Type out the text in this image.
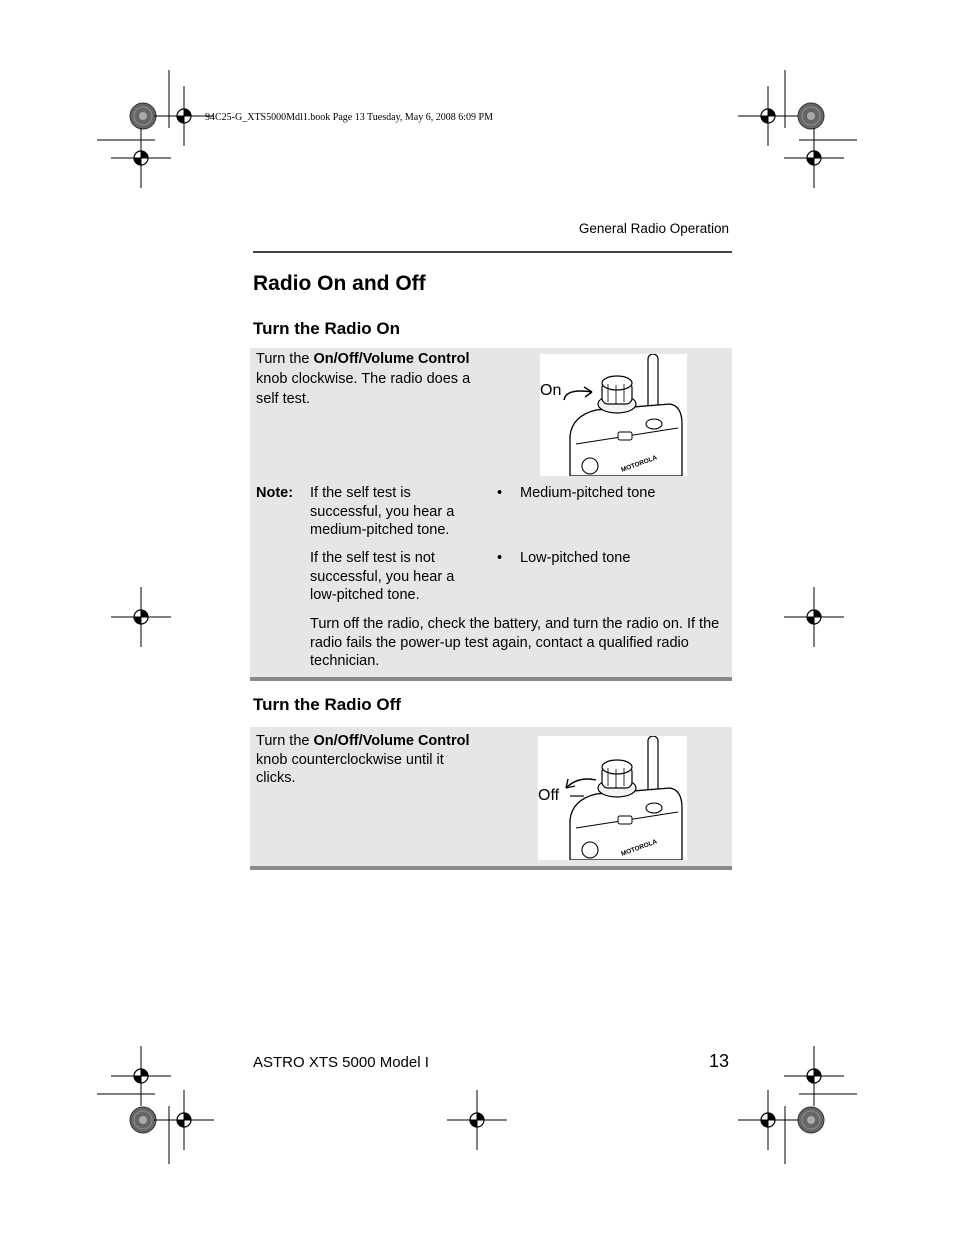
94C25-G_XTS5000Mdl1.book Page 13 Tuesday, May 6, 2008 6:09 PM
General Radio Operation
Radio On and Off
Turn the Radio On
Turn the On/Off/Volume Control
knob clockwise. The radio does a
self test.
MOTOROLA
On
Note: If the self test is successful, you hear a medium-pitched tone.
• Medium-pitched tone
If the self test is not successful, you hear a low-pitched tone.
• Low-pitched tone
Turn off the radio, check the battery, and turn the radio on. If the radio fails the power-up test again, contact a qualified radio technician.
Turn the Radio Off
Turn the On/Off/Volume Control
knob counterclockwise until it
clicks.
MOTOROLA
Off
ASTRO XTS 5000 Model I	13
